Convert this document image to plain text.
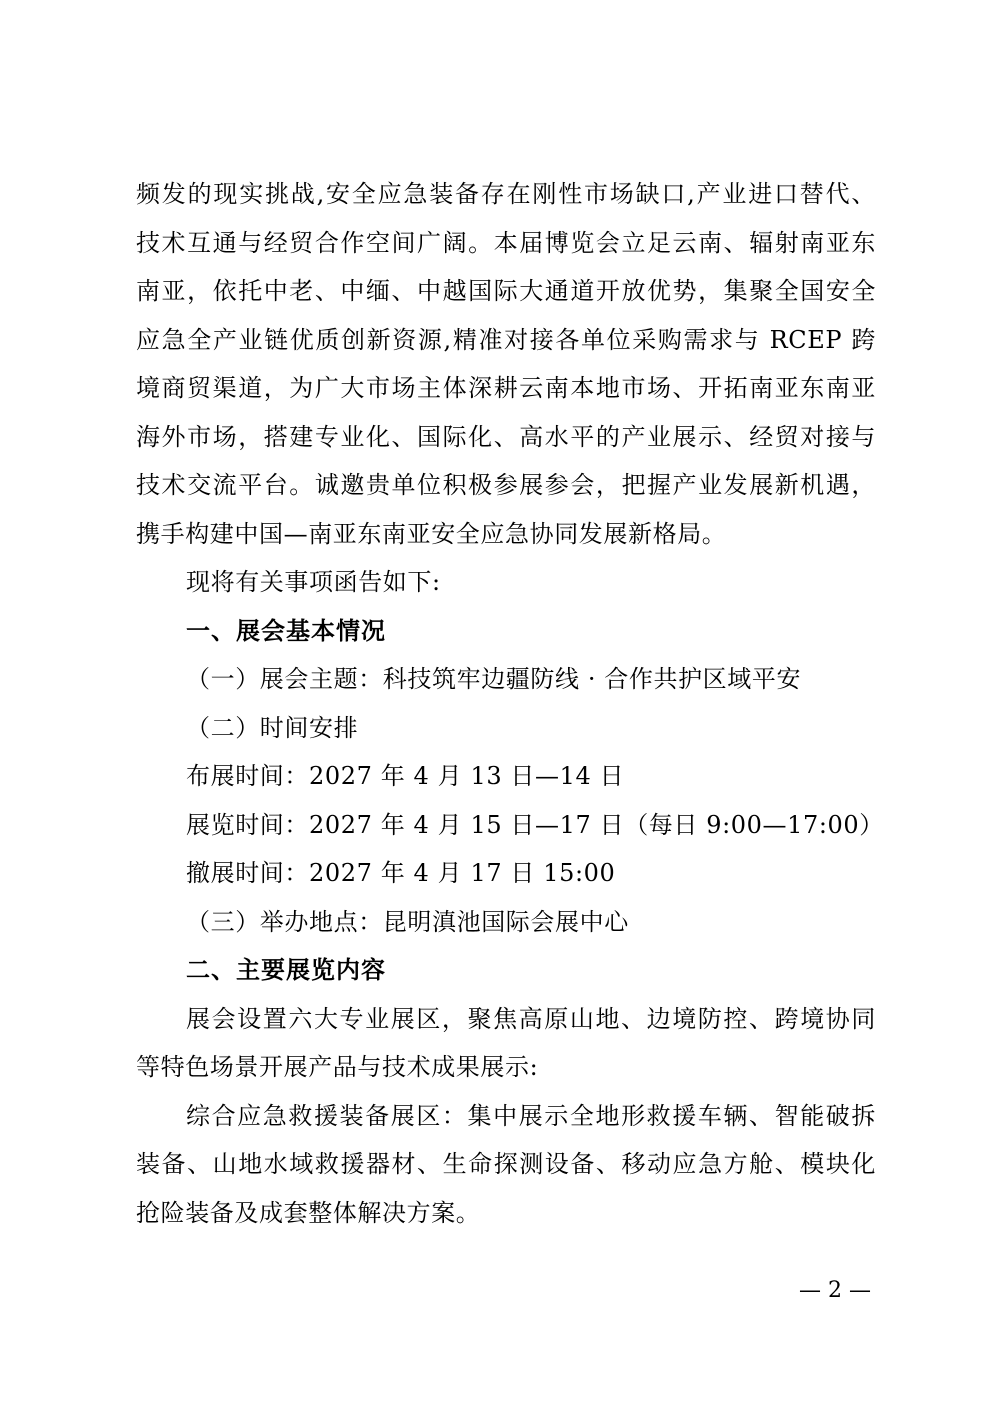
频发的现实挑战,安全应急装备存在刚性市场缺口,产业进口替代、
技术互通与经贸合作空间广阔。本届博览会立足云南、辐射南亚东
南亚，依托中老、中缅、中越国际大通道开放优势，集聚全国安全
应急全产业链优质创新资源,精准对接各单位采购需求与 RCEP 跨
境商贸渠道，为广大市场主体深耕云南本地市场、开拓南亚东南亚
海外市场，搭建专业化、国际化、高水平的产业展示、经贸对接与
技术交流平台。诚邀贵单位积极参展参会，把握产业发展新机遇，
携手构建中国—南亚东南亚安全应急协同发展新格局。
现将有关事项函告如下:
一、展会基本情况
（一）展会主题：科技筑牢边疆防线 · 合作共护区域平安
（二）时间安排
布展时间：2027 年 4 月 13 日—14 日
展览时间：2027 年 4 月 15 日—17 日（每日 9:00—17:00）
撤展时间：2027 年 4 月 17 日 15:00
（三）举办地点：昆明滇池国际会展中心
二、主要展览内容
展会设置六大专业展区，聚焦高原山地、边境防控、跨境协同
等特色场景开展产品与技术成果展示:
综合应急救援装备展区：集中展示全地形救援车辆、智能破拆
装备、山地水域救援器材、生命探测设备、移动应急方舱、模块化
抢险装备及成套整体解决方案。
— 2 —
